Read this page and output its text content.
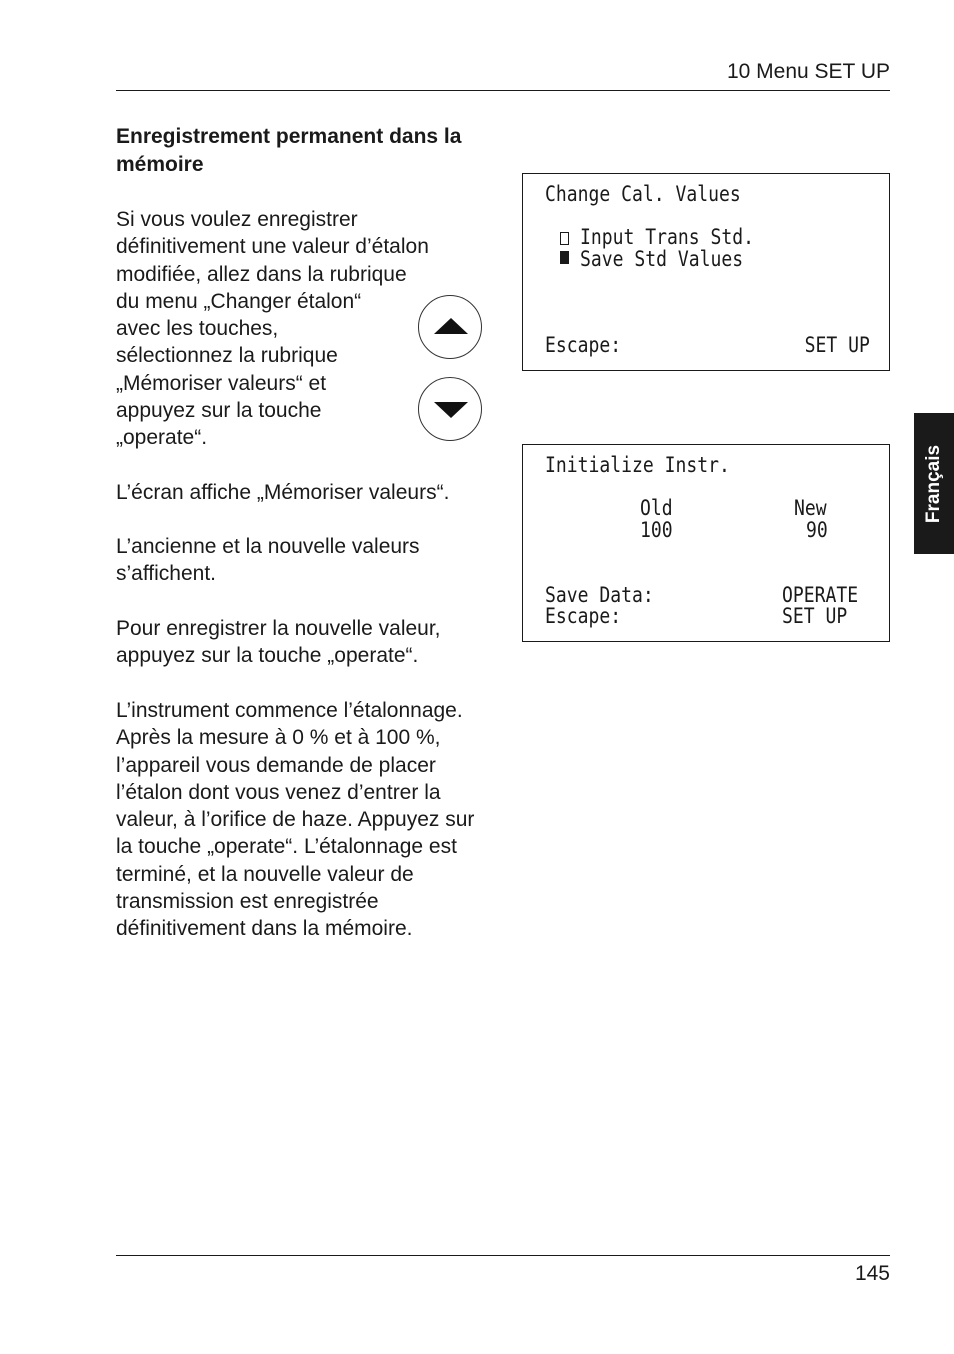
10 Menu SET UP
Enregistrement permanent dans la
mémoire

Si vous voulez enregistrer
définitivement une valeur d’étalon
modifiée, allez dans la rubrique
du menu „Changer étalon“
avec les touches,
sélectionnez la rubrique
„Mémoriser valeurs“ et
appuyez sur la touche
„operate“.

L’écran affiche „Mémoriser valeurs“.

L’ancienne et la nouvelle valeurs
s’affichent.

Pour enregistrer la nouvelle valeur,
appuyez sur la touche „operate“.

L’instrument commence l’étalonnage.
Après la mesure à 0 % et à 100 %,
l’appareil vous demande de placer
l’étalon dont vous venez d’entrer la
valeur, à l’orifice de haze. Appuyez sur
la touche „operate“. L’étalonnage est
terminé, et la nouvelle valeur de
transmission est enregistrée
définitivement dans la mémoire.

Change Cal. Values
Input Trans Std.
Save Std Values
Escape:	SET UP
Initialize Instr.
Old	New
100	90
Save Data:	OPERATE
Escape:	SET UP
Français
145
